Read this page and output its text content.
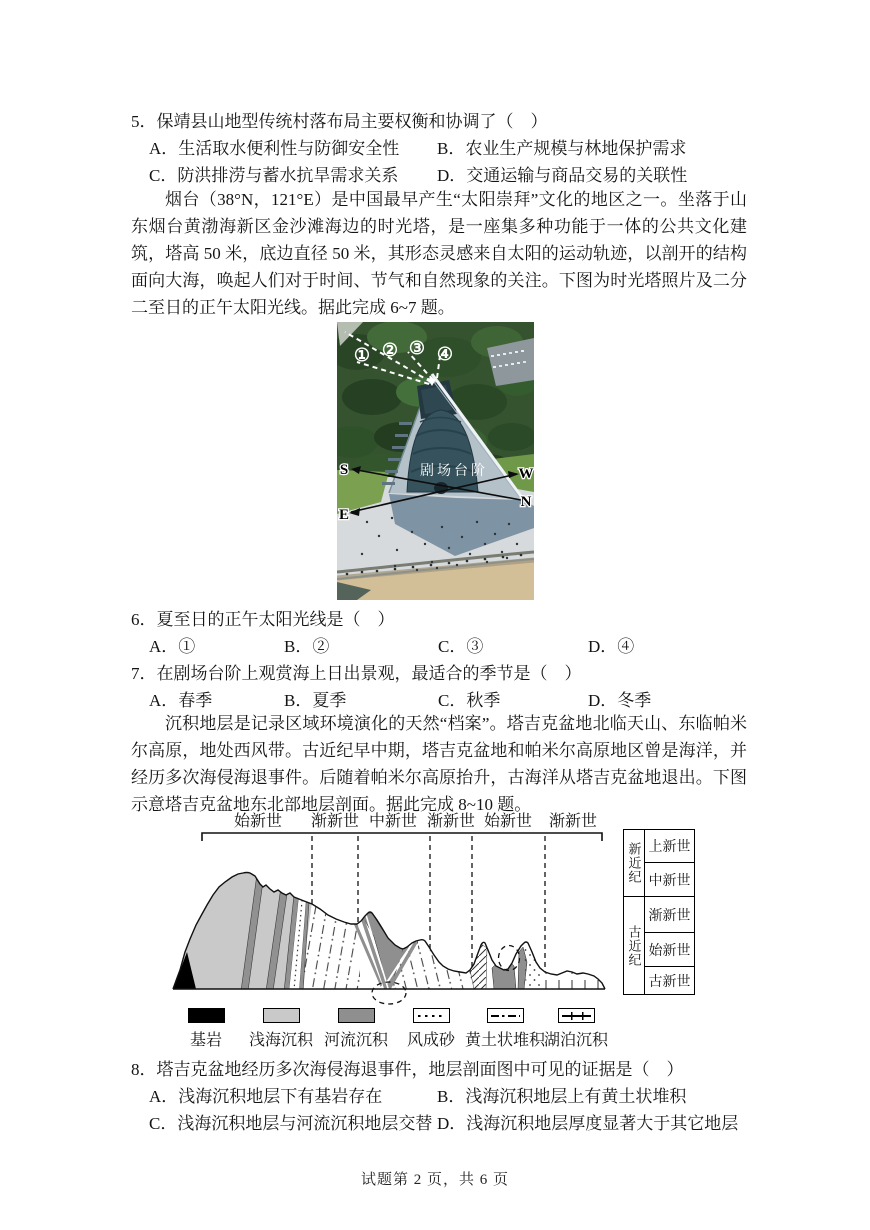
5．保靖县山地型传统村落布局主要权衡和协调了（　）
A．生活取水便利性与防御安全性 B．农业生产规模与林地保护需求
C．防洪排涝与蓄水抗旱需求关系 D．交通运输与商品交易的关联性
烟台（38°N，121°E）是中国最早产生“太阳崇拜”文化的地区之一。坐落于山东烟台黄渤海新区金沙滩海边的时光塔，是一座集多种功能于一体的公共文化建筑，塔高 50 米，底边直径 50 米，其形态灵感来自太阳的运动轨迹，以剖开的结构面向大海，唤起人们对于时间、节气和自然现象的关注。下图为时光塔照片及二分二至日的正午太阳光线。据此完成 6~7 题。
① ② ③ ④
S	W
E
N
剧场台阶
6．夏至日的正午太阳光线是（　）
A．①	B．②	C．③	D．④
7．在剧场台阶上观赏海上日出景观，最适合的季节是（　）
A．春季	B．夏季	C．秋季	D．冬季
沉积地层是记录区域环境演化的天然“档案”。塔吉克盆地北临天山、东临帕米尔高原，地处西风带。古近纪早中期，塔吉克盆地和帕米尔高原地区曾是海洋，并经历多次海侵海退事件。后随着帕米尔高原抬升，古海洋从塔吉克盆地退出。下图示意塔吉克盆地东北部地层剖面。据此完成 8~10 题。
始新世	渐新世 中新世 渐新世 始新世	渐新世
新近纪
古近纪
上新世
中新世
渐新世
始新世
古新世
基岩	浅海沉积 河流沉积	风成砂 黄土状堆积
湖泊沉积
8．塔吉克盆地经历多次海侵海退事件，地层剖面图中可见的证据是（　）
A．浅海沉积地层下有基岩存在	B．浅海沉积地层上有黄土状堆积
C．浅海沉积地层与河流沉积地层交替 D．浅海沉积地层厚度显著大于其它地层
试题第 2 页，共 6 页
